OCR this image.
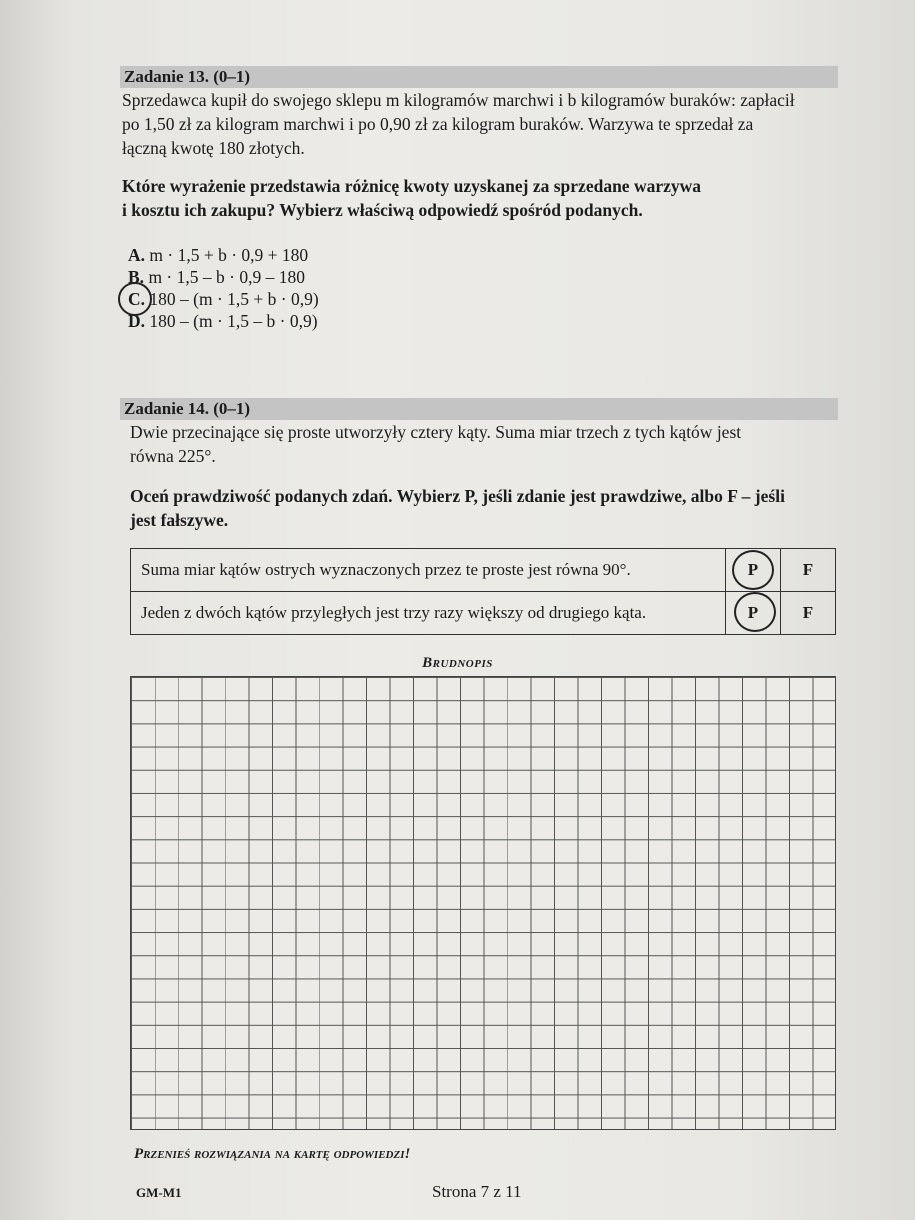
Zadanie 13. (0–1)
Sprzedawca kupił do swojego sklepu m kilogramów marchwi i b kilogramów buraków: zapłacił
po 1,50 zł za kilogram marchwi i po 0,90 zł za kilogram buraków. Warzywa te sprzedał za
łączną kwotę 180 złotych.
Które wyrażenie przedstawia różnicę kwoty uzyskanej za sprzedane warzywa
i kosztu ich zakupu? Wybierz właściwą odpowiedź spośród podanych.
A. m · 1,5 + b · 0,9 + 180
B. m · 1,5 – b · 0,9 – 180
C. 180 – (m · 1,5 + b · 0,9)
D. 180 – (m · 1,5 – b · 0,9)
Zadanie 14. (0–1)
Dwie przecinające się proste utworzyły cztery kąty. Suma miar trzech z tych kątów jest
równa 225°.
Oceń prawdziwość podanych zdań. Wybierz P, jeśli zdanie jest prawdziwe, albo F – jeśli
jest fałszywe.
Suma miar kątów ostrych wyznaczonych przez te proste jest równa 90°.	P	F
Jeden z dwóch kątów przyległych jest trzy razy większy od drugiego kąta.	P	F
Brudnopis
Przenieś rozwiązania na kartę odpowiedzi!
GM-M1	Strona 7 z 11
